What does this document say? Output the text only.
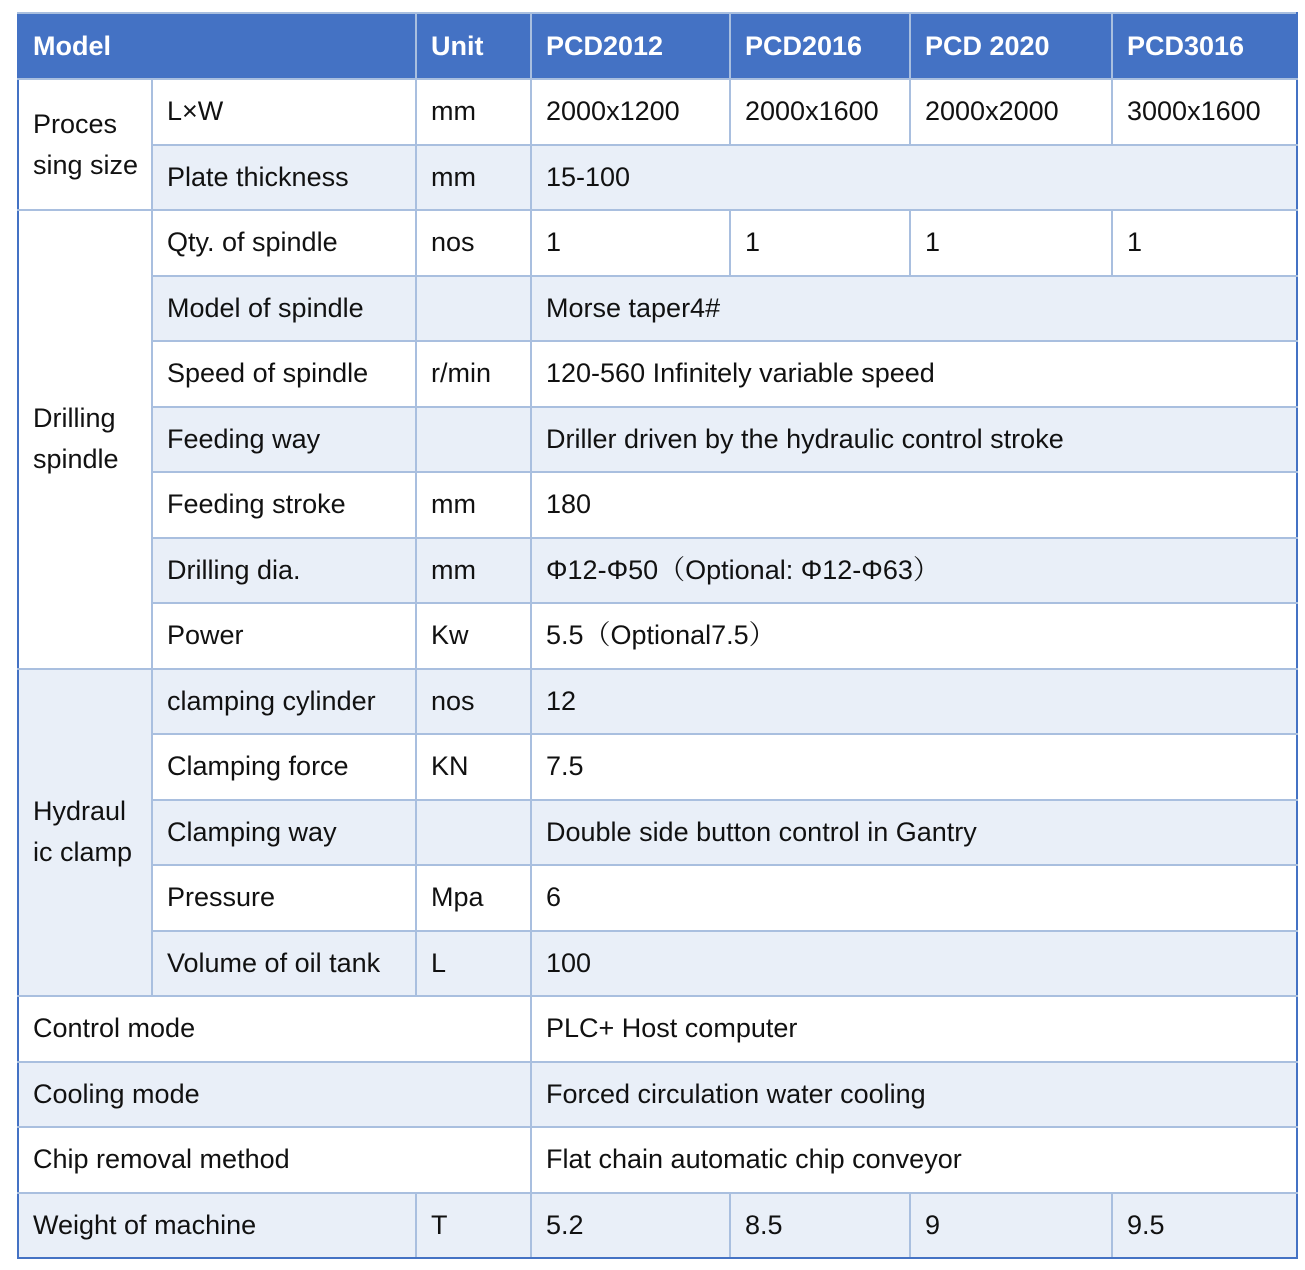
Model		Unit	PCD2012	PCD2016	PCD 2020	PCD3016
Proces sing size	L×W	mm	2000x1200	2000x1600	2000x2000	3000x1600
	Plate thickness	mm	15-100			
Drilling spindle	Qty. of spindle	nos	1	1	1	1
	Model of spindle		Morse taper4#			
	Speed of spindle	r/min	120-560 Infinitely variable speed			
	Feeding way		Driller driven by the hydraulic control stroke			
	Feeding stroke	mm	180			
	Drilling dia.	mm	Φ12-Φ50（Optional: Φ12-Φ63）			
	Power	Kw	5.5（Optional7.5）			
Hydraul ic clamp	clamping cylinder	nos	12			
	Clamping force	KN	7.5			
	Clamping way		Double side button control in Gantry			
	Pressure	Mpa	6			
	Volume of oil tank	L	100			
Control mode			PLC+ Host computer			
Cooling mode			Forced circulation water cooling			
Chip removal method			Flat chain automatic chip conveyor			
Weight of machine		T	5.2	8.5	9	9.5
